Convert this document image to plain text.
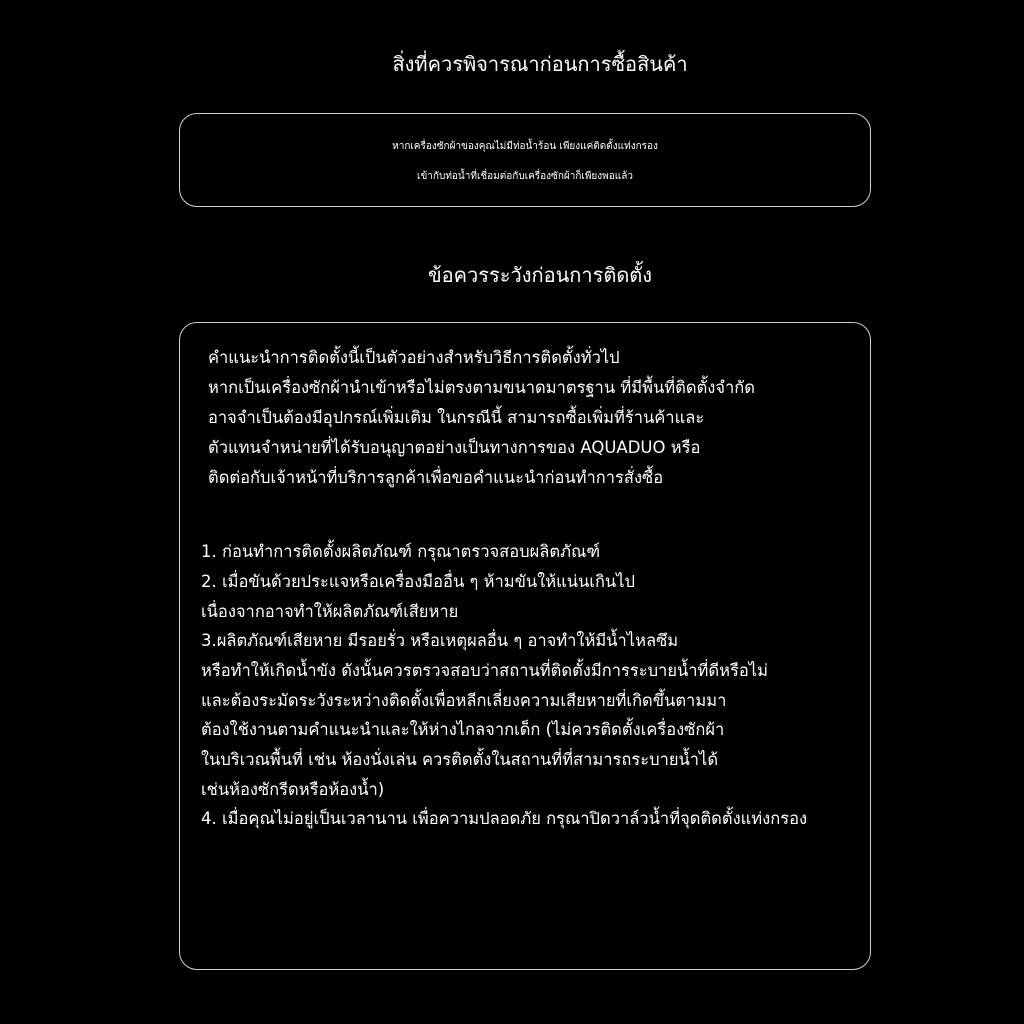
สิ่งที่ควรพิจารณาก่อนการซื้อสินค้า
หากเครื่องซักผ้าของคุณไม่มีท่อน้ำร้อน เพียงแค่ติดตั้งแท่งกรอง
เข้ากับท่อน้ำที่เชื่อมต่อกับเครื่องซักผ้าก็เพียงพอแล้ว
ข้อควรระวังก่อนการติดตั้ง
คำแนะนำการติดตั้งนี้เป็นตัวอย่างสำหรับวิธีการติดตั้งทั่วไป
หากเป็นเครื่องซักผ้านำเข้าหรือไม่ตรงตามขนาดมาตรฐาน ที่มีพื้นที่ติดตั้งจำกัด
อาจจำเป็นต้องมีอุปกรณ์เพิ่มเติม ในกรณีนี้ สามารถซื้อเพิ่มที่ร้านค้าและ
ตัวแทนจำหน่ายที่ได้รับอนุญาตอย่างเป็นทางการของ AQUADUO หรือ
ติดต่อกับเจ้าหน้าที่บริการลูกค้าเพื่อขอคำแนะนำก่อนทำการสั่งซื้อ
1. ก่อนทำการติดตั้งผลิตภัณฑ์ กรุณาตรวจสอบผลิตภัณฑ์
2. เมื่อขันด้วยประแจหรือเครื่องมืออื่น ๆ ห้ามขันให้แน่นเกินไป
เนื่องจากอาจทำให้ผลิตภัณฑ์เสียหาย
3.ผลิตภัณฑ์เสียหาย มีรอยรั่ว หรือเหตุผลอื่น ๆ อาจทำให้มีน้ำไหลซึม
หรือทำให้เกิดน้ำขัง ดังนั้นควรตรวจสอบว่าสถานที่ติดตั้งมีการระบายน้ำที่ดีหรือไม่
และต้องระมัดระวังระหว่างติดตั้งเพื่อหลีกเลี่ยงความเสียหายที่เกิดขึ้นตามมา
ต้องใช้งานตามคำแนะนำและให้ห่างไกลจากเด็ก (ไม่ควรติดตั้งเครื่องซักผ้า
ในบริเวณพื้นที่ เช่น ห้องนั่งเล่น ควรติดตั้งในสถานที่ที่สามารถระบายน้ำได้
เช่นห้องซักรีดหรือห้องน้ำ)
4. เมื่อคุณไม่อยู่เป็นเวลานาน เพื่อความปลอดภัย กรุณาปิดวาล์วน้ำที่จุดติดตั้งแท่งกรอง
